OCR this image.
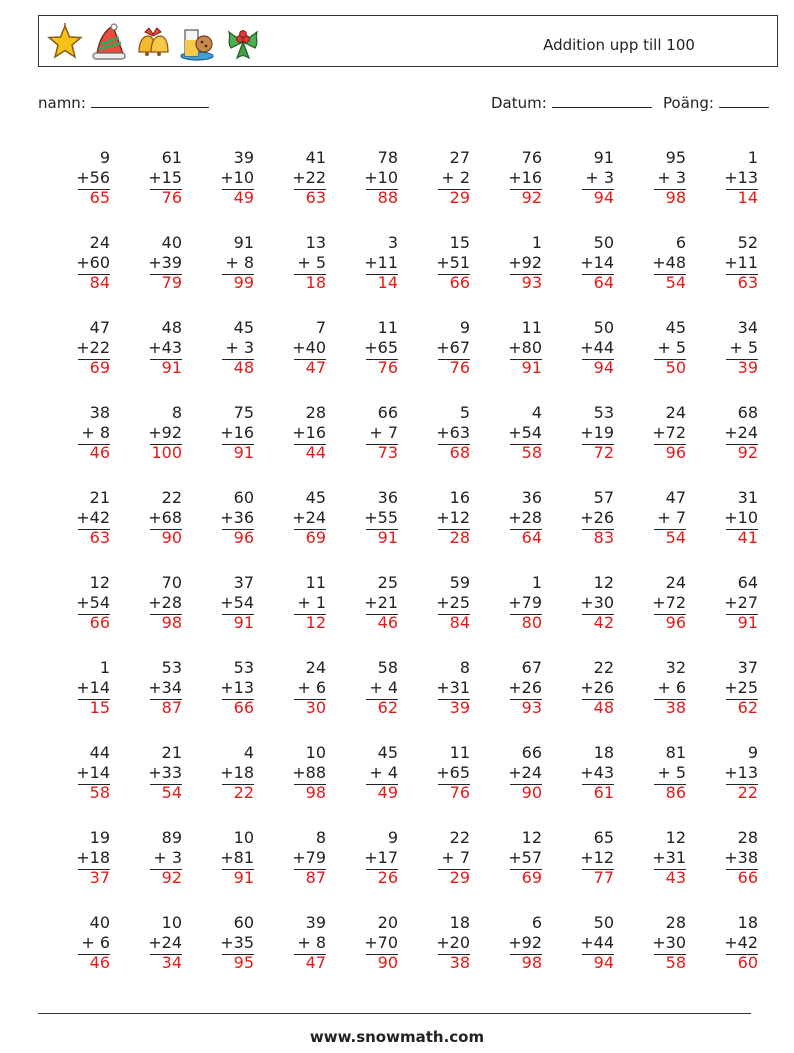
Addition upp till 100
namn:	Datum:	Poäng:
9
+56
65
61
+15
76
39
+10
49
41
+22
63
78
+10
88
27
+ 2
29
76
+16
92
91
+ 3
94
95
+ 3
98
1
+13
14
24
+60
84
40
+39
79
91
+ 8
99
13
+ 5
18
3
+11
14
15
+51
66
1
+92
93
50
+14
64
6
+48
54
52
+11
63
47
+22
69
48
+43
91
45
+ 3
48
7
+40
47
11
+65
76
9
+67
76
11
+80
91
50
+44
94
45
+ 5
50
34
+ 5
39
38
+ 8
46
8
+92
100
75
+16
91
28
+16
44
66
+ 7
73
5
+63
68
4
+54
58
53
+19
72
24
+72
96
68
+24
92
21
+42
63
22
+68
90
60
+36
96
45
+24
69
36
+55
91
16
+12
28
36
+28
64
57
+26
83
47
+ 7
54
31
+10
41
12
+54
66
70
+28
98
37
+54
91
11
+ 1
12
25
+21
46
59
+25
84
1
+79
80
12
+30
42
24
+72
96
64
+27
91
1
+14
15
53
+34
87
53
+13
66
24
+ 6
30
58
+ 4
62
8
+31
39
67
+26
93
22
+26
48
32
+ 6
38
37
+25
62
44
+14
58
21
+33
54
4
+18
22
10
+88
98
45
+ 4
49
11
+65
76
66
+24
90
18
+43
61
81
+ 5
86
9
+13
22
19
+18
37
89
+ 3
92
10
+81
91
8
+79
87
9
+17
26
22
+ 7
29
12
+57
69
65
+12
77
12
+31
43
28
+38
66
40
+ 6
46
10
+24
34
60
+35
95
39
+ 8
47
20
+70
90
18
+20
38
6
+92
98
50
+44
94
28
+30
58
18
+42
60
www.snowmath.com
